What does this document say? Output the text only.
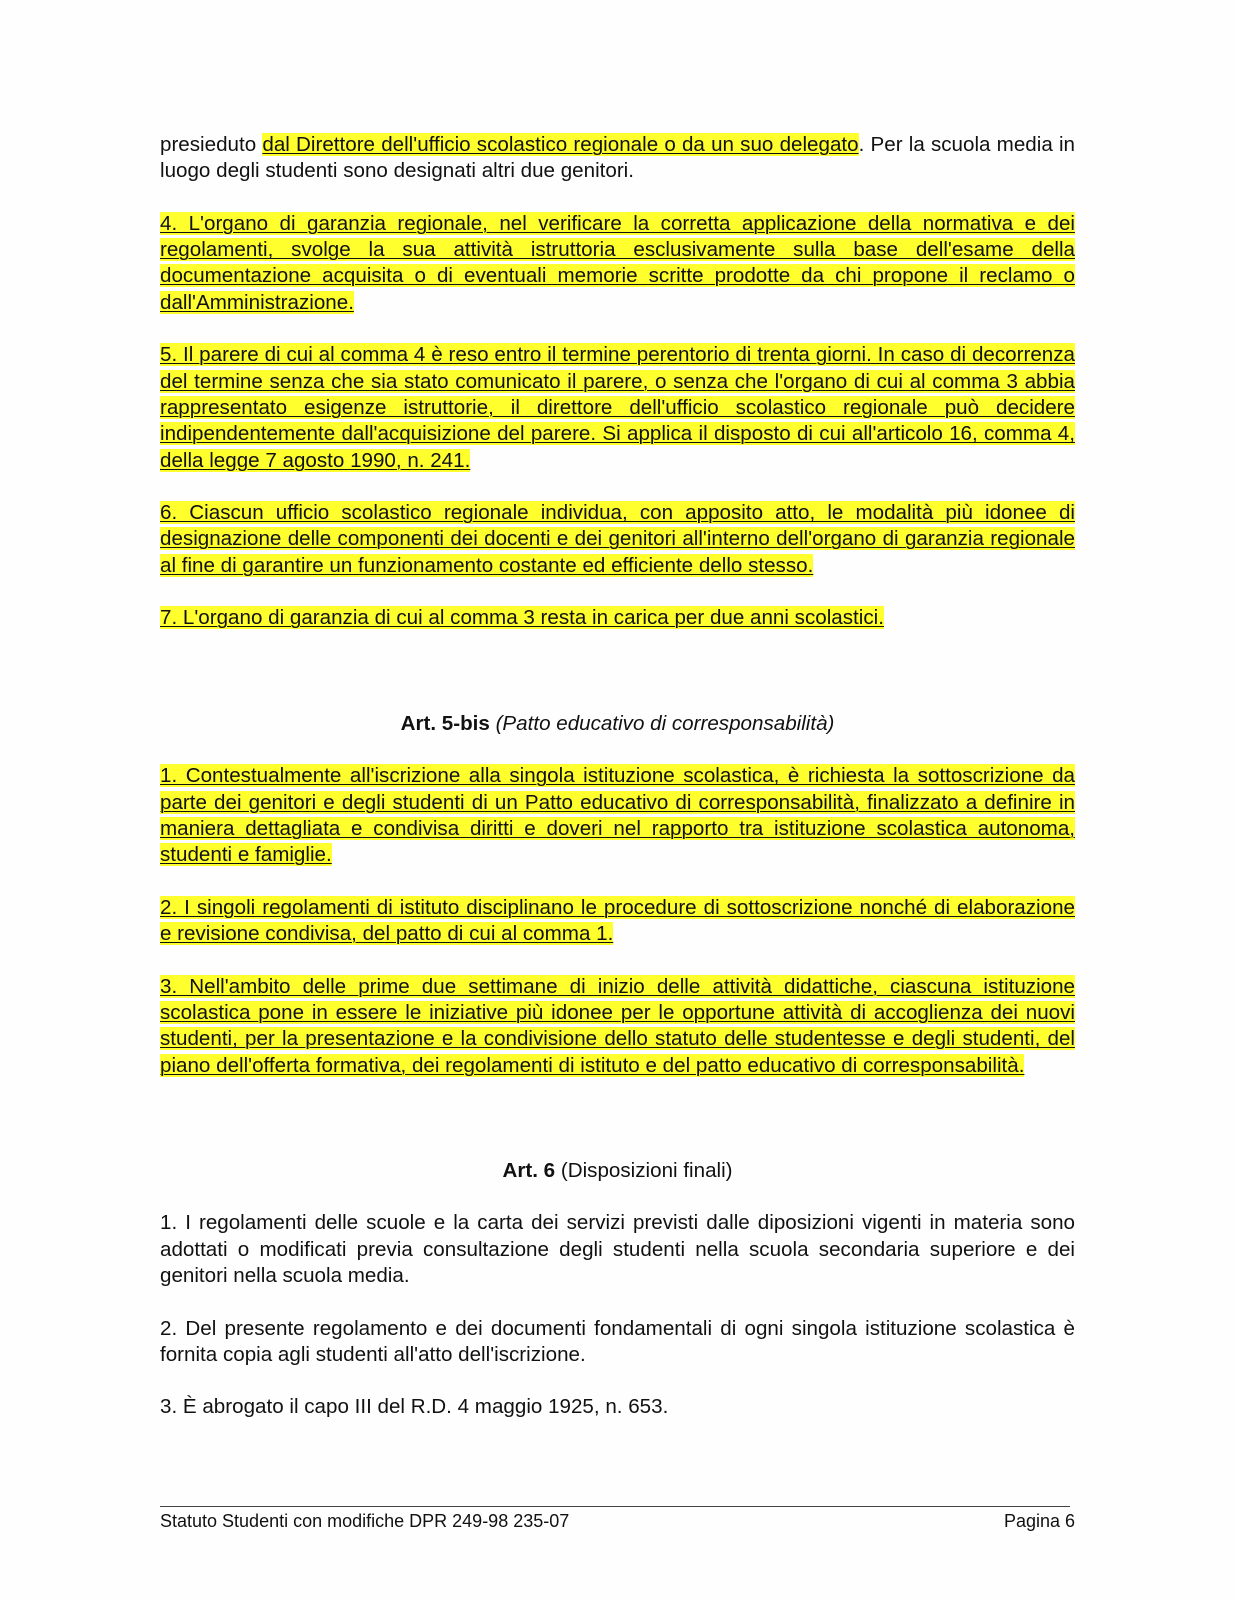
presieduto dal Direttore dell'ufficio scolastico regionale o da un suo delegato. Per la scuola media in luogo degli studenti sono designati altri due genitori.

4. L'organo di garanzia regionale, nel verificare la corretta applicazione della normativa e dei regolamenti, svolge la sua attività istruttoria esclusivamente sulla base dell'esame della documentazione acquisita o di eventuali memorie scritte prodotte da chi propone il reclamo o dall'Amministrazione.

5. Il parere di cui al comma 4 è reso entro il termine perentorio di trenta giorni. In caso di decorrenza del termine senza che sia stato comunicato il parere, o senza che l'organo di cui al comma 3 abbia rappresentato esigenze istruttorie, il direttore dell'ufficio scolastico regionale può decidere indipendentemente dall'acquisizione del parere. Si applica il disposto di cui all'articolo 16, comma 4, della legge 7 agosto 1990, n. 241.

6. Ciascun ufficio scolastico regionale individua, con apposito atto, le modalità più idonee di designazione delle componenti dei docenti e dei genitori all'interno dell'organo di garanzia regionale al fine di garantire un funzionamento costante ed efficiente dello stesso.

7. L'organo di garanzia di cui al comma 3 resta in carica per due anni scolastici.

Art. 5-bis (Patto educativo di corresponsabilità)

1. Contestualmente all'iscrizione alla singola istituzione scolastica, è richiesta la sottoscrizione da parte dei genitori e degli studenti di un Patto educativo di corresponsabilità, finalizzato a definire in maniera dettagliata e condivisa diritti e doveri nel rapporto tra istituzione scolastica autonoma, studenti e famiglie.

2. I singoli regolamenti di istituto disciplinano le procedure di sottoscrizione nonché di elaborazione e revisione condivisa, del patto di cui al comma 1.

3. Nell'ambito delle prime due settimane di inizio delle attività didattiche, ciascuna istituzione scolastica pone in essere le iniziative più idonee per le opportune attività di accoglienza dei nuovi studenti, per la presentazione e la condivisione dello statuto delle studentesse e degli studenti, del piano dell'offerta formativa, dei regolamenti di istituto e del patto educativo di corresponsabilità.

Art. 6 (Disposizioni finali)

1. I regolamenti delle scuole e la carta dei servizi previsti dalle diposizioni vigenti in materia sono adottati o modificati previa consultazione degli studenti nella scuola secondaria superiore e dei genitori nella scuola media.

2. Del presente regolamento e dei documenti fondamentali di ogni singola istituzione scolastica è fornita copia agli studenti all'atto dell'iscrizione.

3. È abrogato il capo III del R.D. 4 maggio 1925, n. 653.

Statuto Studenti con modifiche DPR 249-98 235-07	Pagina 6
